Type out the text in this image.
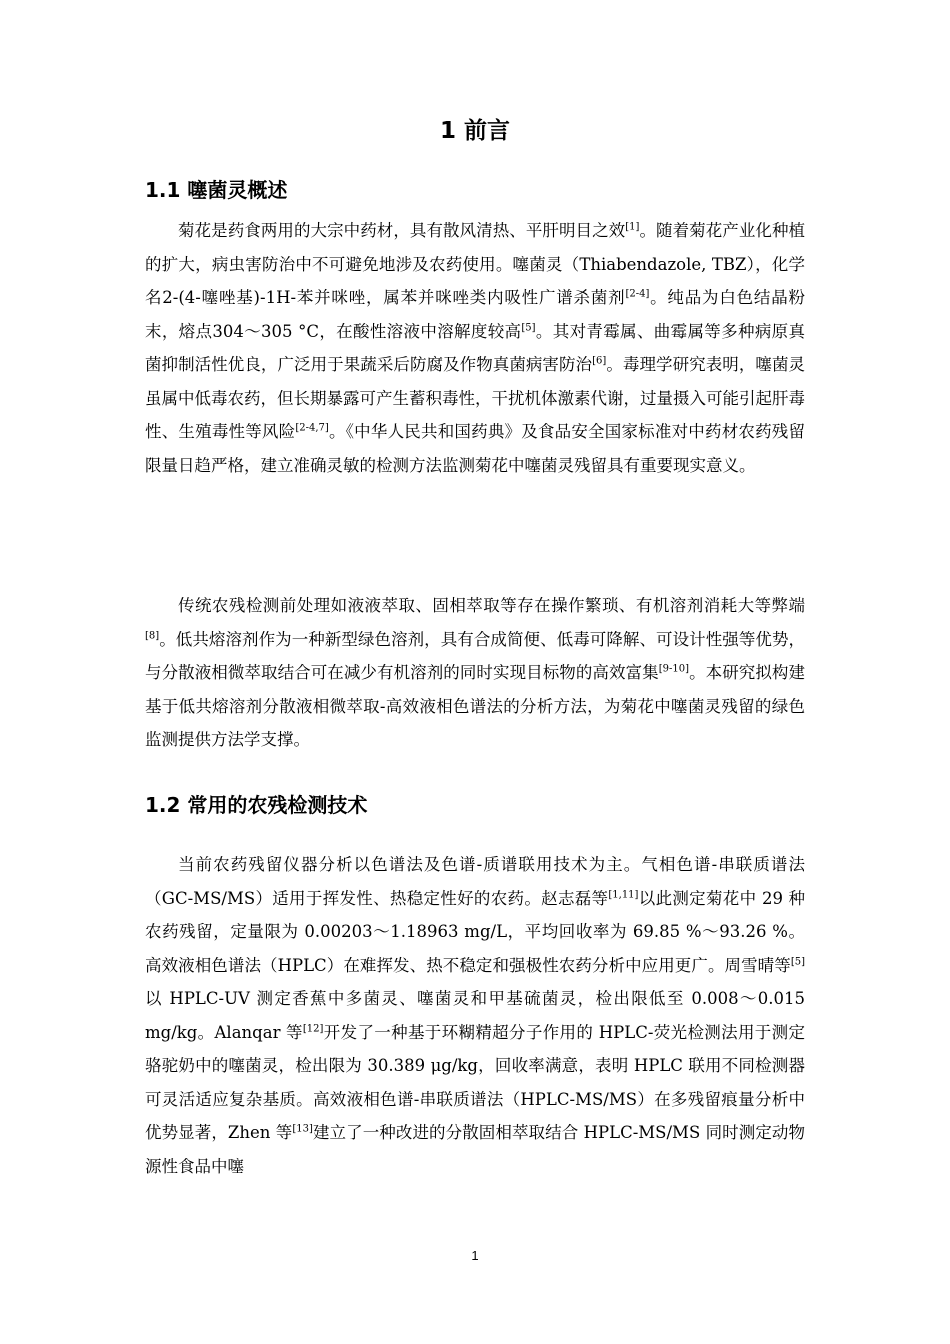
1 前言
1.1 噻菌灵概述

菊花是药食两用的大宗中药材，具有散风清热、平肝明目之效[1]。随着菊花产业化种植的扩大，病虫害防治中不可避免地涉及农药使用。噻菌灵（Thiabendazole, TBZ），化学名2-(4-噻唑基)-1H-苯并咪唑，属苯并咪唑类内吸性广谱杀菌剂[2-4]。纯品为白色结晶粉末，熔点304～305 °C，在酸性溶液中溶解度较高[5]。其对青霉属、曲霉属等多种病原真菌抑制活性优良，广泛用于果蔬采后防腐及作物真菌病害防治[6]。毒理学研究表明，噻菌灵虽属中低毒农药，但长期暴露可产生蓄积毒性，干扰机体激素代谢，过量摄入可能引起肝毒性、生殖毒性等风险[2-4,7]。《中华人民共和国药典》及食品安全国家标准对中药材农药残留限量日趋严格，建立准确灵敏的检测方法监测菊花中噻菌灵残留具有重要现实意义。

传统农残检测前处理如液液萃取、固相萃取等存在操作繁琐、有机溶剂消耗大等弊端[8]。低共熔溶剂作为一种新型绿色溶剂，具有合成简便、低毒可降解、可设计性强等优势，与分散液相微萃取结合可在减少有机溶剂的同时实现目标物的高效富集[9-10]。本研究拟构建基于低共熔溶剂分散液相微萃取-高效液相色谱法的分析方法，为菊花中噻菌灵残留的绿色监测提供方法学支撑。

1.2 常用的农残检测技术

当前农药残留仪器分析以色谱法及色谱-质谱联用技术为主。气相色谱-串联质谱法（GC-MS/MS）适用于挥发性、热稳定性好的农药。赵志磊等[1,11]以此测定菊花中 29 种农药残留，定量限为 0.00203～1.18963 mg/L，平均回收率为 69.85 %～93.26 %。高效液相色谱法（HPLC）在难挥发、热不稳定和强极性农药分析中应用更广。周雪晴等[5]以 HPLC-UV 测定香蕉中多菌灵、噻菌灵和甲基硫菌灵，检出限低至 0.008～0.015 mg/kg。Alanqar 等[12]开发了一种基于环糊精超分子作用的 HPLC-荧光检测法用于测定骆驼奶中的噻菌灵，检出限为 30.389 μg/kg，回收率满意，表明 HPLC 联用不同检测器可灵活适应复杂基质。高效液相色谱-串联质谱法（HPLC-MS/MS）在多残留痕量分析中优势显著，Zhen 等[13]建立了一种改进的分散固相萃取结合 HPLC-MS/MS 同时测定动物源性食品中噻

1
